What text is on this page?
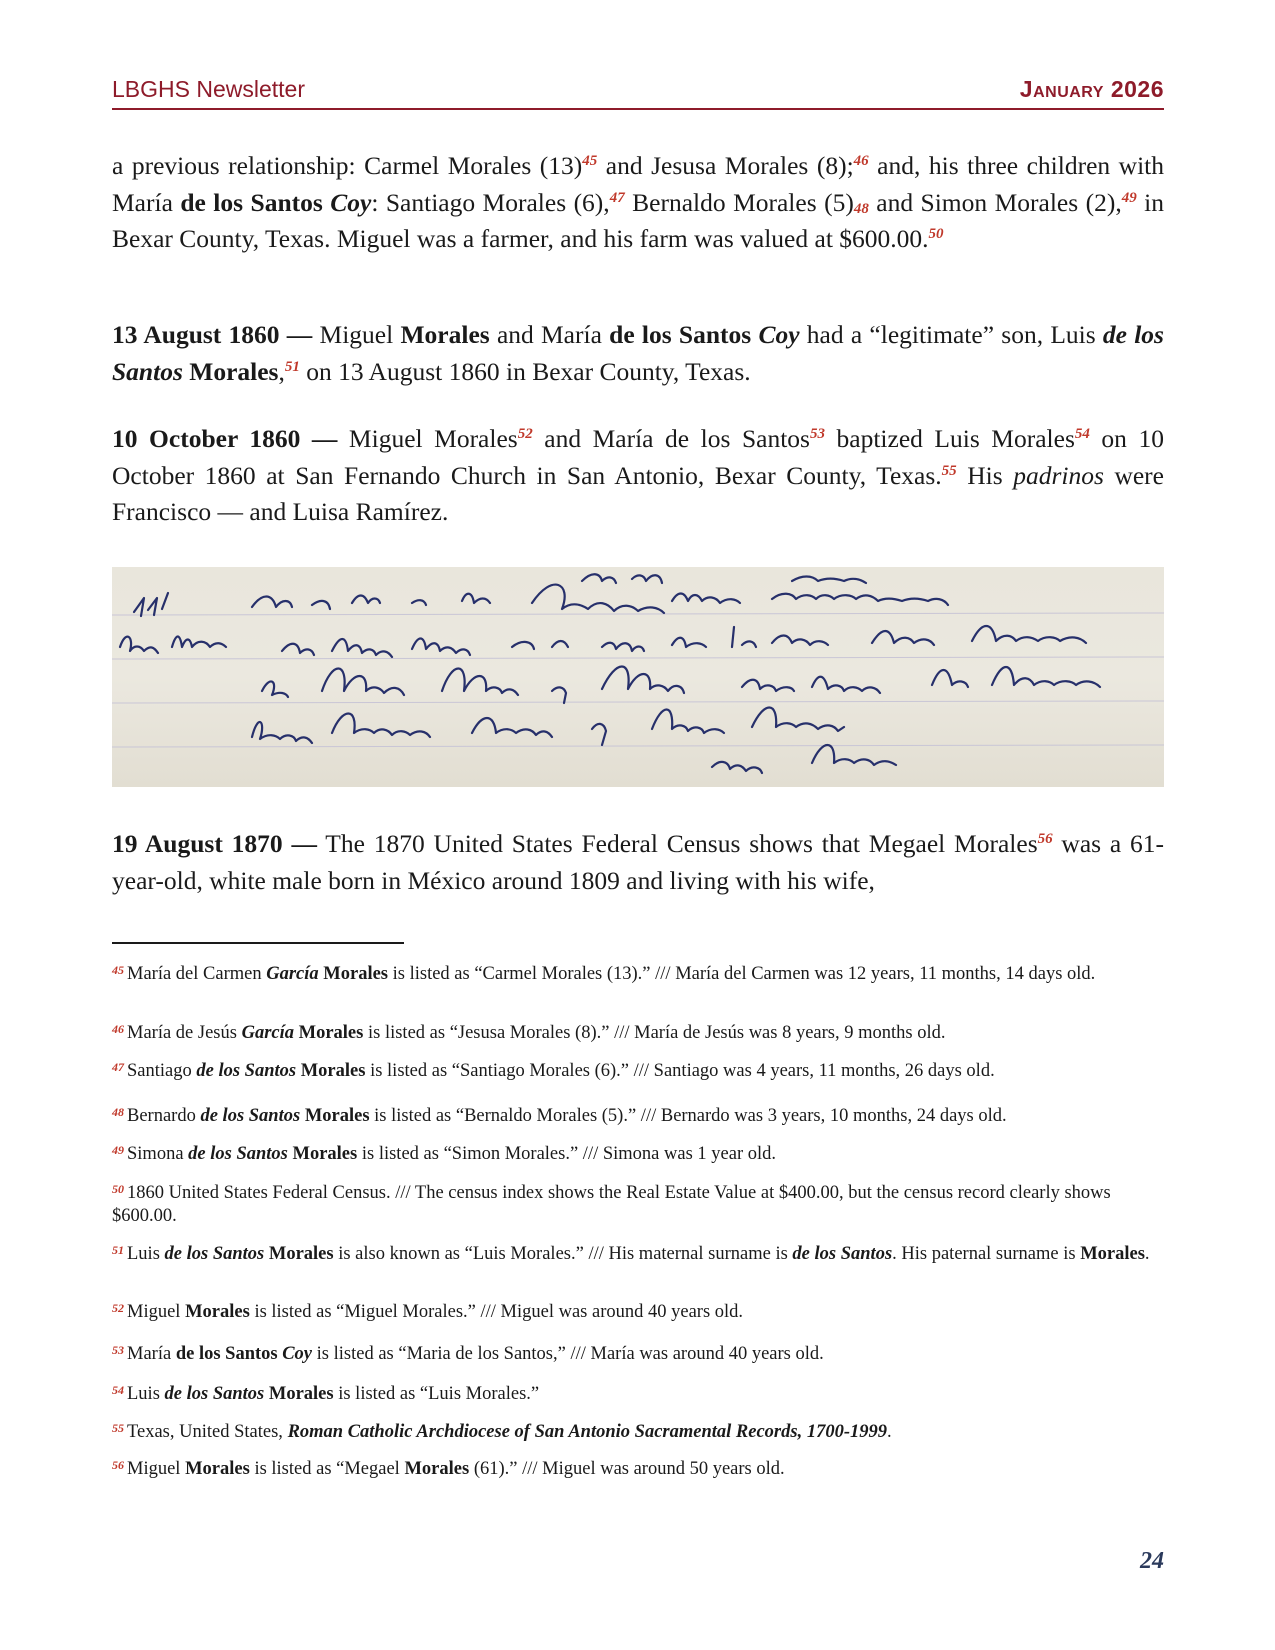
LBGHS Newsletter	January 2026
a previous relationship: Carmel Morales (13)$^{45}$ and Jesusa Morales (8);$^{46}$ and, his three children with María de los Santos Coy: Santiago Morales (6),$^{47}$ Bernaldo Morales (5)$^{48}$ and Simon Morales (2),$^{49}$ in Bexar County, Texas. Miguel was a farmer, and his farm was valued at $600.00.50
13 August 1860 — Miguel Morales and María de los Santos Coy had a “legitimate” son, Luis de los Santos Morales,$^{51}$ on 13 August 1860 in Bexar County, Texas.
10 October 1860 — Miguel Morales$^{52}$ and María de los Santos$^{53}$ baptized Luis Morales$^{54}$ on 10 October 1860 at San Fernando Church in San Antonio, Bexar County, Texas.$^{55}$ His padrinos were Francisco — and Luisa Ramírez.
19 August 1870 — The 1870 United States Federal Census shows that Megael Morales$^{56}$ was a 61-year-old, white male born in México around 1809 and living with his wife,
$^{45}$ María del Carmen García Morales is listed as “Carmel Morales (13).” /// María del Carmen was 12 years, 11 months, 14 days old.
$^{46}$ María de Jesús García Morales is listed as “Jesusa Morales (8).” /// María de Jesús was 8 years, 9 months old.
$^{47}$ Santiago de los Santos Morales is listed as “Santiago Morales (6).” /// Santiago was 4 years, 11 months, 26 days old.
$^{48}$ Bernardo de los Santos Morales is listed as “Bernaldo Morales (5).” /// Bernardo was 3 years, 10 months, 24 days old.
$^{49}$ Simona de los Santos Morales is listed as “Simon Morales.” /// Simona was 1 year old.
$^{50}$ 1860 United States Federal Census. /// The census index shows the Real Estate Value at $400.00, but the census record clearly shows $600.00.
$^{51}$ Luis de los Santos Morales is also known as “Luis Morales.” /// His maternal surname is de los Santos. His paternal surname is Morales.
$^{52}$ Miguel Morales is listed as “Miguel Morales.” /// Miguel was around 40 years old.
$^{53}$ María de los Santos Coy is listed as “Maria de los Santos,” /// María was around 40 years old.
$^{54}$ Luis de los Santos Morales is listed as “Luis Morales.”
$^{55}$ Texas, United States, Roman Catholic Archdiocese of San Antonio Sacramental Records, 1700-1999.
$^{56}$ Miguel Morales is listed as “Megael Morales (61).” /// Miguel was around 50 years old.
24
